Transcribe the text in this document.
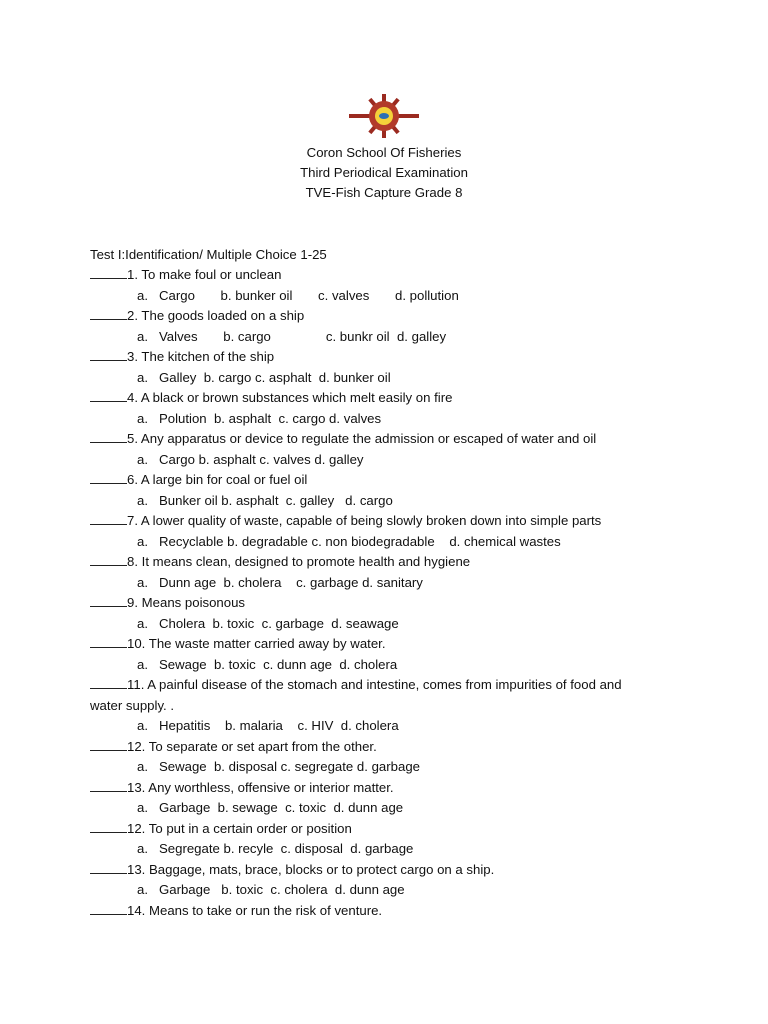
Coron School Of Fisheries
Third Periodical Examination
TVE-Fish Capture Grade 8
Test I:Identification/ Multiple Choice 1-25
1. To make foul or unclean
a.   Cargo       b. bunker oil       c. valves       d. pollution
2. The goods loaded on a ship
a.   Valves       b. cargo               c. bunkr oil  d. galley
3. The kitchen of the ship
a.   Galley  b. cargo c. asphalt  d. bunker oil
4. A black or brown substances which melt easily on fire
a.   Polution  b. asphalt  c. cargo d. valves
5. Any apparatus or device to regulate the admission or escaped of water and oil
a.   Cargo b. asphalt c. valves d. galley
6. A large bin for coal or fuel oil
a.   Bunker oil b. asphalt  c. galley   d. cargo
7. A lower quality of waste, capable of being slowly broken down into simple parts
a.   Recyclable b. degradable c. non biodegradable    d. chemical wastes
8. It means clean, designed to promote health and hygiene
a.   Dunn age  b. cholera    c. garbage d. sanitary
9. Means poisonous
a.   Cholera  b. toxic  c. garbage  d. seawage
10. The waste matter carried away by water.
a.   Sewage  b. toxic  c. dunn age  d. cholera
11. A painful disease of the stomach and intestine, comes from impurities of food and
water supply. .
a.   Hepatitis    b. malaria    c. HIV  d. cholera
12. To separate or set apart from the other.
a.   Sewage  b. disposal c. segregate d. garbage
13. Any worthless, offensive or interior matter.
a.   Garbage  b. sewage  c. toxic  d. dunn age
12. To put in a certain order or position
a.   Segregate b. recyle  c. disposal  d. garbage
13. Baggage, mats, brace, blocks or to protect cargo on a ship.
a.   Garbage   b. toxic  c. cholera  d. dunn age
14. Means to take or run the risk of venture.
